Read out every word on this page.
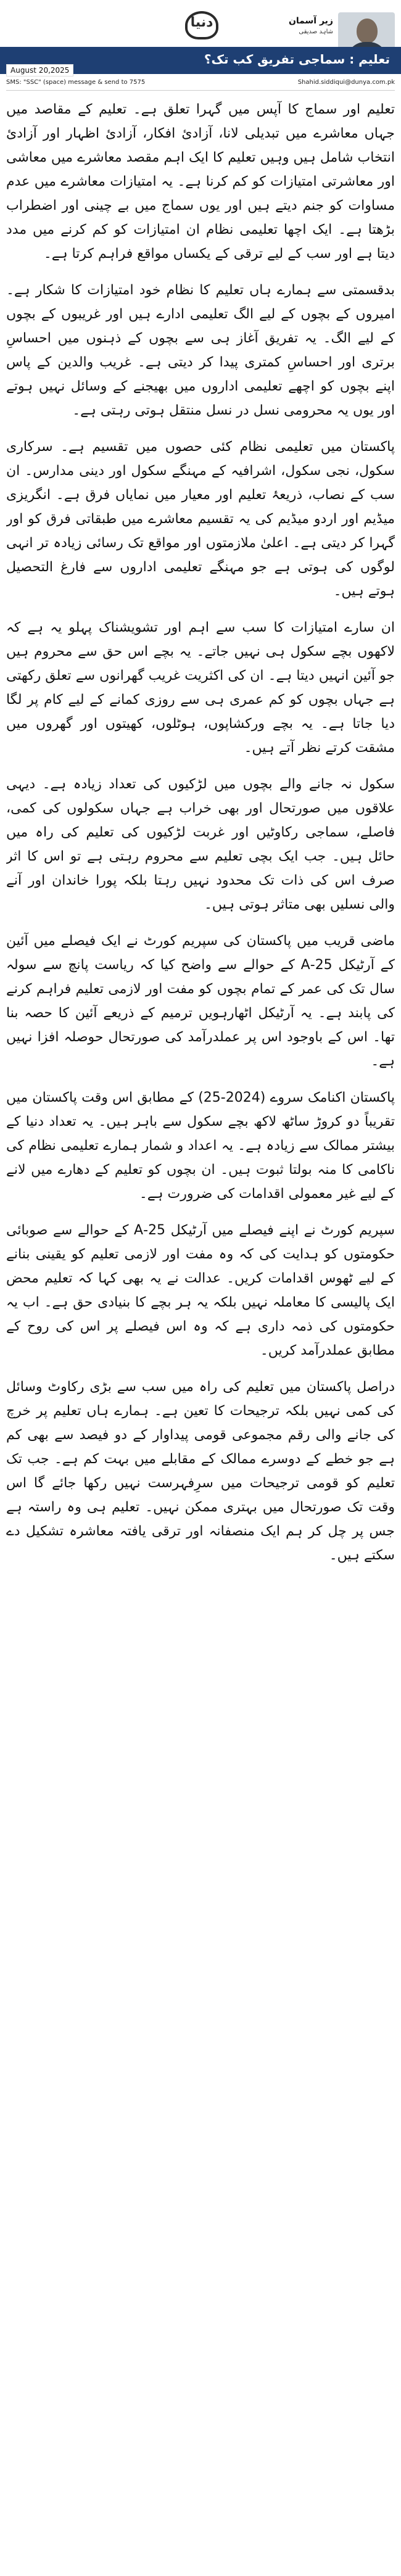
دنیا	زیر آسمان
شاہد صدیقی
تعلیم : سماجی تفریق کب تک؟
August 20,2025
SMS: "SSC" (space) message & send to 7575	Shahid.siddiqui@dunya.com.pk

تعلیم اور سماج کا آپس میں گہرا تعلق ہے۔ تعلیم کے مقاصد میں جہاں معاشرے میں تبدیلی لانا، آزادیٔ افکار، آزادیٔ اظہار اور آزادیٔ انتخاب شامل ہیں وہیں تعلیم کا ایک اہم مقصد معاشرے میں معاشی اور معاشرتی امتیازات کو کم کرنا ہے۔ یہ امتیازات معاشرے میں عدم مساوات کو جنم دیتے ہیں اور یوں سماج میں بے چینی اور اضطراب بڑھتا ہے۔ ایک اچھا تعلیمی نظام ان امتیازات کو کم کرنے میں مدد دیتا ہے اور سب کے لیے ترقی کے یکساں مواقع فراہم کرتا ہے۔

بدقسمتی سے ہمارے ہاں تعلیم کا نظام خود امتیازات کا شکار ہے۔ امیروں کے بچوں کے لیے الگ تعلیمی ادارے ہیں اور غریبوں کے بچوں کے لیے الگ۔ یہ تفریق آغاز ہی سے بچوں کے ذہنوں میں احساسِ برتری اور احساسِ کمتری پیدا کر دیتی ہے۔ غریب والدین کے پاس اپنے بچوں کو اچھے تعلیمی اداروں میں بھیجنے کے وسائل نہیں ہوتے اور یوں یہ محرومی نسل در نسل منتقل ہوتی رہتی ہے۔

پاکستان میں تعلیمی نظام کئی حصوں میں تقسیم ہے۔ سرکاری سکول، نجی سکول، اشرافیہ کے مہنگے سکول اور دینی مدارس۔ ان سب کے نصاب، ذریعۂ تعلیم اور معیار میں نمایاں فرق ہے۔ انگریزی میڈیم اور اردو میڈیم کی یہ تقسیم معاشرے میں طبقاتی فرق کو اور گہرا کر دیتی ہے۔ اعلیٰ ملازمتوں اور مواقع تک رسائی زیادہ تر انہی لوگوں کی ہوتی ہے جو مہنگے تعلیمی اداروں سے فارغ التحصیل ہوتے ہیں۔

ان سارے امتیازات کا سب سے اہم اور تشویشناک پہلو یہ ہے کہ لاکھوں بچے سکول ہی نہیں جاتے۔ یہ بچے اس حق سے محروم ہیں جو آئین انہیں دیتا ہے۔ ان کی اکثریت غریب گھرانوں سے تعلق رکھتی ہے جہاں بچوں کو کم عمری ہی سے روزی کمانے کے لیے کام پر لگا دیا جاتا ہے۔ یہ بچے ورکشاپوں، ہوٹلوں، کھیتوں اور گھروں میں مشقت کرتے نظر آتے ہیں۔

سکول نہ جانے والے بچوں میں لڑکیوں کی تعداد زیادہ ہے۔ دیہی علاقوں میں صورتحال اور بھی خراب ہے جہاں سکولوں کی کمی، فاصلے، سماجی رکاوٹیں اور غربت لڑکیوں کی تعلیم کی راہ میں حائل ہیں۔ جب ایک بچی تعلیم سے محروم رہتی ہے تو اس کا اثر صرف اس کی ذات تک محدود نہیں رہتا بلکہ پورا خاندان اور آنے والی نسلیں بھی متاثر ہوتی ہیں۔

ماضی قریب میں پاکستان کی سپریم کورٹ نے ایک فیصلے میں آئین کے آرٹیکل 25-A کے حوالے سے واضح کیا کہ ریاست پانچ سے سولہ سال تک کی عمر کے تمام بچوں کو مفت اور لازمی تعلیم فراہم کرنے کی پابند ہے۔ یہ آرٹیکل اٹھارہویں ترمیم کے ذریعے آئین کا حصہ بنا تھا۔ اس کے باوجود اس پر عملدرآمد کی صورتحال حوصلہ افزا نہیں ہے۔

پاکستان اکنامک سروے (2024-25) کے مطابق اس وقت پاکستان میں تقریباً دو کروڑ ساٹھ لاکھ بچے سکول سے باہر ہیں۔ یہ تعداد دنیا کے بیشتر ممالک سے زیادہ ہے۔ یہ اعداد و شمار ہمارے تعلیمی نظام کی ناکامی کا منہ بولتا ثبوت ہیں۔ ان بچوں کو تعلیم کے دھارے میں لانے کے لیے غیر معمولی اقدامات کی ضرورت ہے۔

سپریم کورٹ نے اپنے فیصلے میں آرٹیکل 25-A کے حوالے سے صوبائی حکومتوں کو ہدایت کی کہ وہ مفت اور لازمی تعلیم کو یقینی بنانے کے لیے ٹھوس اقدامات کریں۔ عدالت نے یہ بھی کہا کہ تعلیم محض ایک پالیسی کا معاملہ نہیں بلکہ یہ ہر بچے کا بنیادی حق ہے۔ اب یہ حکومتوں کی ذمہ داری ہے کہ وہ اس فیصلے پر اس کی روح کے مطابق عملدرآمد کریں۔

دراصل پاکستان میں تعلیم کی راہ میں سب سے بڑی رکاوٹ وسائل کی کمی نہیں بلکہ ترجیحات کا تعین ہے۔ ہمارے ہاں تعلیم پر خرچ کی جانے والی رقم مجموعی قومی پیداوار کے دو فیصد سے بھی کم ہے جو خطے کے دوسرے ممالک کے مقابلے میں بہت کم ہے۔ جب تک تعلیم کو قومی ترجیحات میں سرِفہرست نہیں رکھا جائے گا اس وقت تک صورتحال میں بہتری ممکن نہیں۔ تعلیم ہی وہ راستہ ہے جس پر چل کر ہم ایک منصفانہ اور ترقی یافتہ معاشرہ تشکیل دے سکتے ہیں۔
